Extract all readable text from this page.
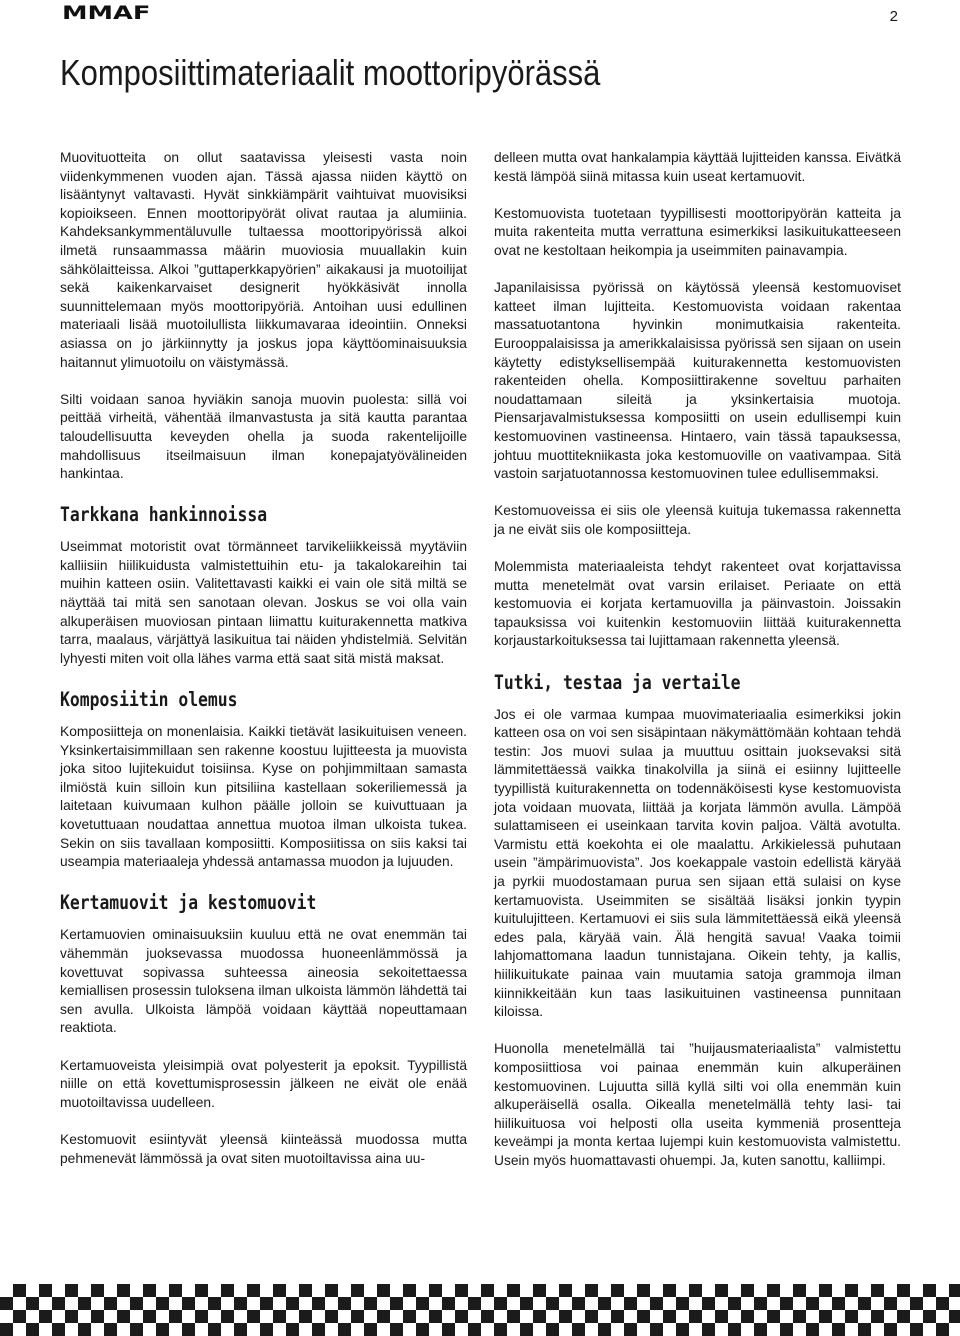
MMAF	2
Komposiittimateriaalit moottoripyörässä

Muovituotteita on ollut saatavissa yleisesti vasta noin viidenkymmenen vuoden ajan. Tässä ajassa niiden käyttö on lisääntynyt valtavasti. Hyvät sinkkiämpärit vaihtuivat muovisiksi kopioikseen. Ennen moottoripyörät olivat rautaa ja alumiinia. Kahdeksankymmentäluvulle tultaessa moottoripyörissä alkoi ilmetä runsaammassa määrin muoviosia muuallakin kuin sähkölaitteissa. Alkoi ”guttaperkkapyörien” aikakausi ja muotoilijat sekä kaikenkarvaiset designerit hyökkäsivät innolla suunnittelemaan myös moottoripyöriä. Antoihan uusi edullinen materiaali lisää muotoilullista liikkumavaraa ideointiin. Onneksi asiassa on jo järkiinnytty ja joskus jopa käyttöominaisuuksia haitannut ylimuotoilu on väistymässä.

Silti voidaan sanoa hyviäkin sanoja muovin puolesta: sillä voi peittää virheitä, vähentää ilmanvastusta ja sitä kautta parantaa taloudellisuutta keveyden ohella ja suoda rakentelijoille mahdollisuus itseilmaisuun ilman konepajatyövälineiden hankintaa.

Tarkkana hankinnoissa

Useimmat motoristit ovat törmänneet tarvikeliikkeissä myytäviin kalliisiin hiilikuidusta valmistettuihin etu- ja takalokareihin tai muihin katteen osiin. Valitettavasti kaikki ei vain ole sitä miltä se näyttää tai mitä sen sanotaan olevan. Joskus se voi olla vain alkuperäisen muoviosan pintaan liimattu kuiturakennetta matkiva tarra, maalaus, värjättyä lasikuitua tai näiden yhdistelmiä. Selvitän lyhyesti miten voit olla lähes varma että saat sitä mistä maksat.

Komposiitin olemus

Komposiitteja on monenlaisia. Kaikki tietävät lasikuituisen veneen. Yksinkertaisimmillaan sen rakenne koostuu lujitteesta ja muovista joka sitoo lujitekuidut toisiinsa. Kyse on pohjimmiltaan samasta ilmiöstä kuin silloin kun pitsiliina kastellaan sokeriliemessä ja laitetaan kuivumaan kulhon päälle jolloin se kuivuttuaan ja kovetuttuaan noudattaa annettua muotoa ilman ulkoista tukea. Sekin on siis tavallaan komposiitti. Komposiitissa on siis kaksi tai useampia materiaaleja yhdessä antamassa muodon ja lujuuden.

Kertamuovit ja kestomuovit

Kertamuovien ominaisuuksiin kuuluu että ne ovat enemmän tai vähemmän juoksevassa muodossa huoneenlämmössä ja kovettuvat sopivassa suhteessa aineosia sekoitettaessa kemiallisen prosessin tuloksena ilman ulkoista lämmön lähdettä tai sen avulla. Ulkoista lämpöä voidaan käyttää nopeuttamaan reaktiota.

Kertamuoveista yleisimpiä ovat polyesterit ja epoksit. Tyypillistä niille on että kovettumisprosessin jälkeen ne eivät ole enää muotoiltavissa uudelleen.

Kestomuovit esiintyvät yleensä kiinteässä muodossa mutta pehmenevät lämmössä ja ovat siten muotoiltavissa aina uu-

delleen mutta ovat hankalampia käyttää lujitteiden kanssa. Eivätkä kestä lämpöä siinä mitassa kuin useat kertamuovit.

Kestomuovista tuotetaan tyypillisesti moottoripyörän katteita ja muita rakenteita mutta verrattuna esimerkiksi lasikuitukatteeseen ovat ne kestoltaan heikompia ja useimmiten painavampia.

Japanilaisissa pyörissä on käytössä yleensä kestomuoviset katteet ilman lujitteita. Kestomuovista voidaan rakentaa massatuotantona hyvinkin monimutkaisia rakenteita. Eurooppalaisissa ja amerikkalaisissa pyörissä sen sijaan on usein käytetty edistyksellisempää kuiturakennetta kestomuovisten rakenteiden ohella. Komposiittirakenne soveltuu parhaiten noudattamaan sileitä ja yksinkertaisia muotoja. Piensarjavalmistuksessa komposiitti on usein edullisempi kuin kestomuovinen vastineensa. Hintaero, vain tässä tapauksessa, johtuu muottitekniikasta joka kestomuoville on vaativampaa. Sitä vastoin sarjatuotannossa kestomuovinen tulee edullisemmaksi.

Kestomuoveissa ei siis ole yleensä kuituja tukemassa rakennetta ja ne eivät siis ole komposiitteja.

Molemmista materiaaleista tehdyt rakenteet ovat korjattavissa mutta menetelmät ovat varsin erilaiset. Periaate on että kestomuovia ei korjata kertamuovilla ja päinvastoin. Joissakin tapauksissa voi kuitenkin kestomuoviin liittää kuiturakennetta korjaustarkoituksessa tai lujittamaan rakennetta yleensä.

Tutki, testaa ja vertaile

Jos ei ole varmaa kumpaa muovimateriaalia esimerkiksi jokin katteen osa on voi sen sisäpintaan näkymättömään kohtaan tehdä testin: Jos muovi sulaa ja muuttuu osittain juoksevaksi sitä lämmitettäessä vaikka tinakolvilla ja siinä ei esiinny lujitteelle tyypillistä kuiturakennetta on todennäköisesti kyse kestomuovista jota voidaan muovata, liittää ja korjata lämmön avulla. Lämpöä sulattamiseen ei useinkaan tarvita kovin paljoa. Vältä avotulta. Varmistu että koekohta ei ole maalattu. Arkikielessä puhutaan usein ”ämpärimuovista”. Jos koekappale vastoin edellistä käryää ja pyrkii muodostamaan purua sen sijaan että sulaisi on kyse kertamuovista. Useimmiten se sisältää lisäksi jonkin tyypin kuitulujitteen. Kertamuovi ei siis sula lämmitettäessä eikä yleensä edes pala, käryää vain. Älä hengitä savua! Vaaka toimii lahjomattomana laadun tunnistajana. Oikein tehty, ja kallis, hiilikuitukate painaa vain muutamia satoja grammoja ilman kiinnikkeitään kun taas lasikuituinen vastineensa punnitaan kiloissa.

Huonolla menetelmällä tai ”huijausmateriaalista” valmistettu komposiittiosa voi painaa enemmän kuin alkuperäinen kestomuovinen. Lujuutta sillä kyllä silti voi olla enemmän kuin alkuperäisellä osalla. Oikealla menetelmällä tehty lasi- tai hiilikuituosa voi helposti olla useita kymmeniä prosentteja keveämpi ja monta kertaa lujempi kuin kestomuovista valmistettu. Usein myös huomattavasti ohuempi. Ja, kuten sanottu, kalliimpi.
